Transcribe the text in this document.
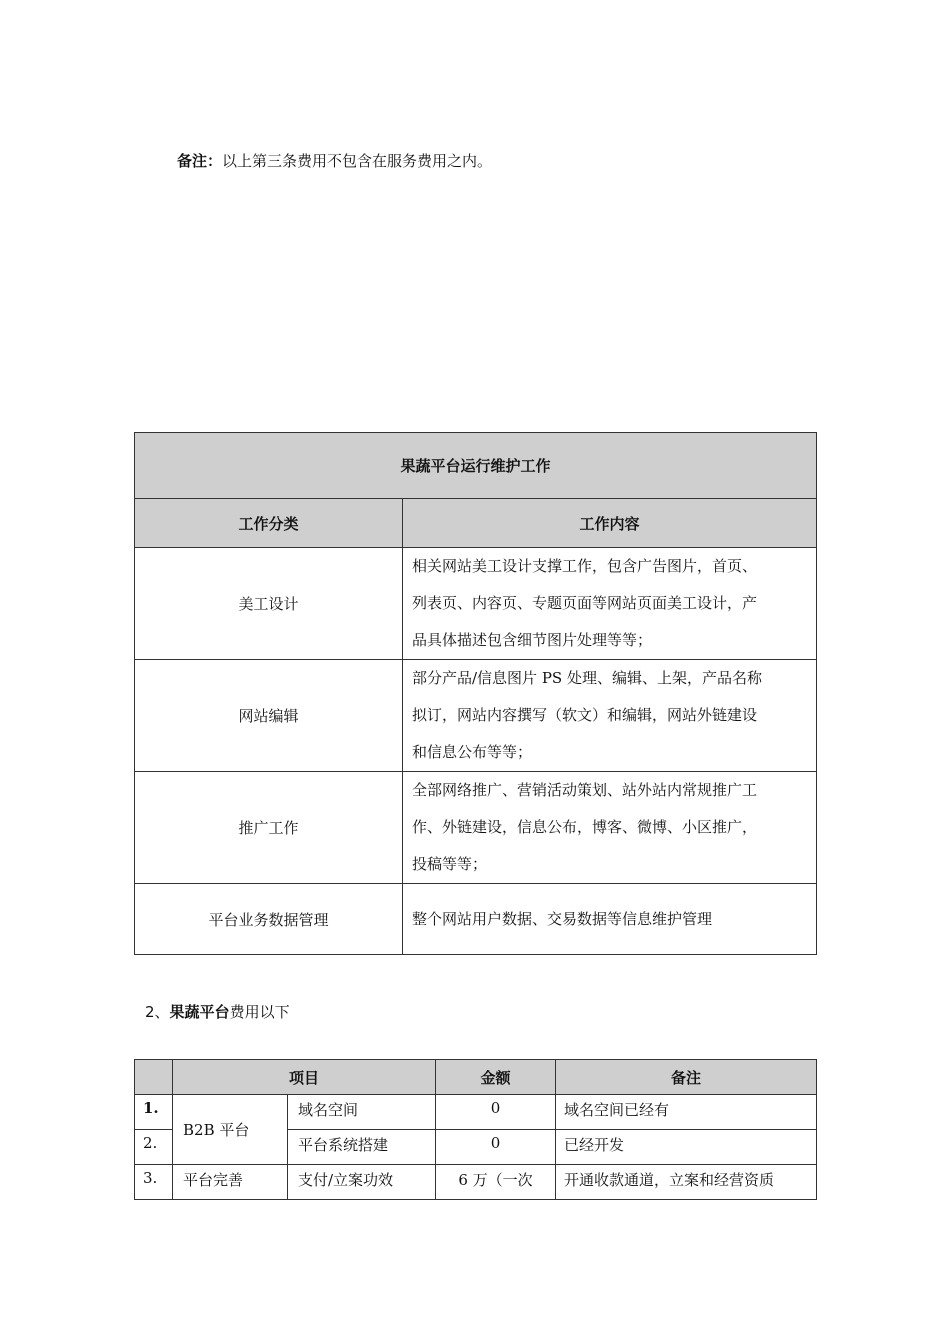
备注：以上第三条费用不包含在服务费用之内。
果蔬平台运行维护工作	
工作分类	工作内容
美工设计	相关网站美工设计支撑工作，包含广告图片，首页、
列表页、内容页、专题页面等网站页面美工设计，产
品具体描述包含细节图片处理等等；

网站编辑	部分产品/信息图片 PS 处理、编辑、上架，产品名称
拟订，网站内容撰写（软文）和编辑，网站外链建设
和信息公布等等；

推广工作	全部网络推广、营销活动策划、站外站内常规推广工
作、外链建设，信息公布，博客、微博、小区推广，
投稿等等；

平台业务数据管理	整个网站用户数据、交易数据等信息维护管理
2、果蔬平台费用以下
	项目		金额	备注
1.	B2B 平台	域名空间	0	域名空间已经有
2.		平台系统搭建	0	已经开发
3.	平台完善	支付/立案功效	6 万（一次	开通收款通道，立案和经营资质
